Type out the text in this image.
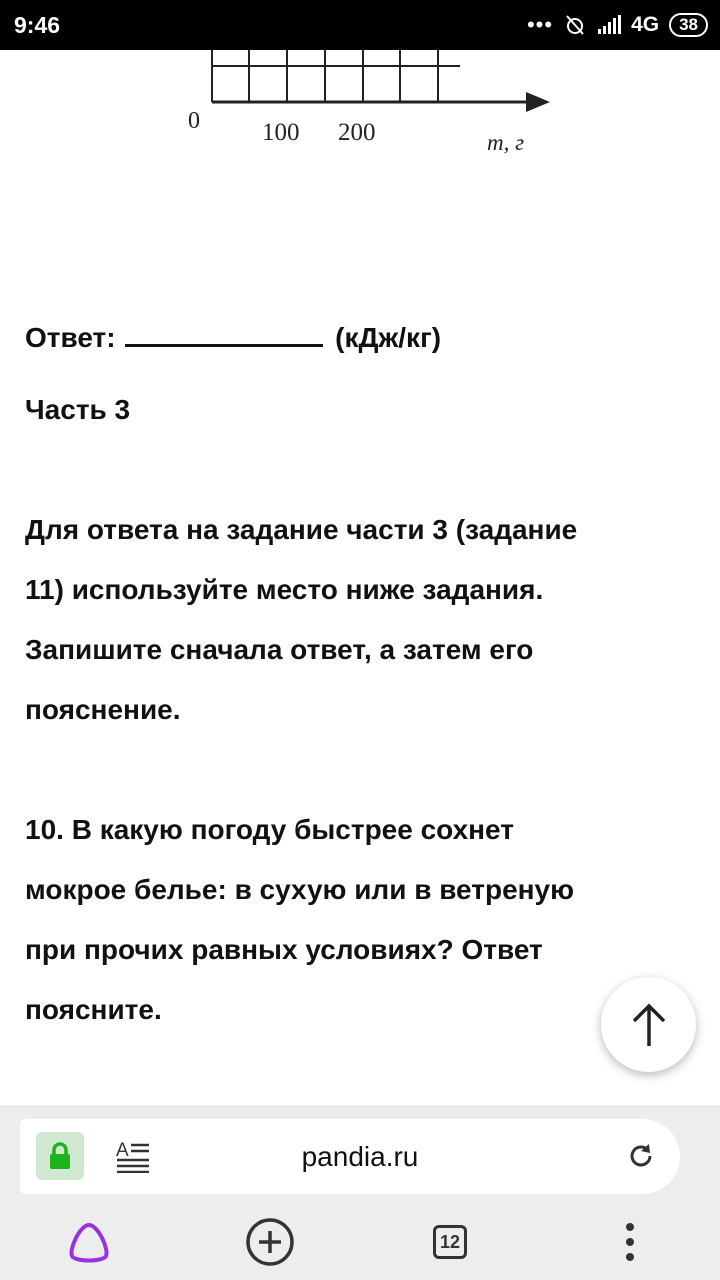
9:46	•••	4G	38
0 100 200	m, г
Ответ:	(кДж/кг)
Часть 3
Для ответа на задание части 3 (задание
11) используйте место ниже задания.
Запишите сначала ответ, а затем его
пояснение.
10. В какую погоду быстрее сохнет
мокрое белье: в сухую или в ветреную
при прочих равных условиях? Ответ
поясните.
A	pandia.ru
12
